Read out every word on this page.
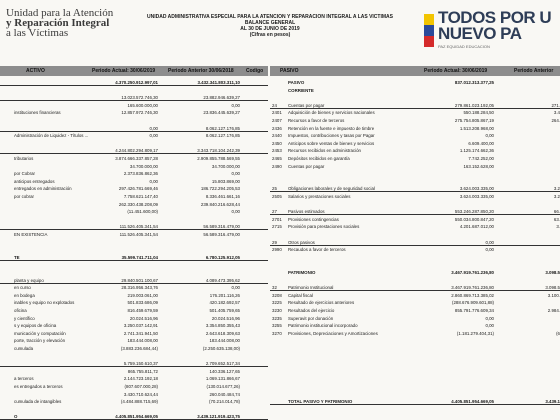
Unidad para la Atención
y Reparación Integral
a las Víctimas
UNIDAD ADMINISTRATIVA ESPECIAL PARA LA ATENCION Y REPARACION INTEGRAL A LAS VICTIMAS
BALANCE GENERAL
AL 30 DE JUNIO DE 2019
(Cifras en pesos)
TODOS POR U
NUEVO PA
PAZ EQUIDAD EDUCACION
ACTIVO	Periodo Actual: 30/06/2019	Periodo Anterior 30/06/2018 Codigo	PASIVO	Periodo Actual: 30/06/2019	Periodo Anterior
4.370.250.912.997,01	3.432.341.803.311,10
13.023.572.746,30	23.882.946.639,27
165.600.000,00	0,00
instituciones financieras	12.857.972.746,30	23.836.445.639,27
0,00	8.062.127.176,85
Administración de Liquidez - Títulos ...	0,00	8.062.127.176,85
4.244.802.294.809,17	3.343.718.104.242,39
tributarios	3.874.666.337.857,28	2.909.855.788.569,55
34.700.000,00	34.700.000,00
por Cobrar	2.373.836.862,36	0,00
anticipos entregados	0,00	15.803.869,00
entregados en administración	297.426.781.669,46	186.722.294.205,53
por cobrar	7.758.621.147,40	8.336.461.661,16
262.330.438.208,09	239.840.216.628,44
(11.451.600,00)	0,00
111.526.405.341,54	56.589.316.479,00
EN EXISTENCIA	111.526.405.341,54	56.589.316.479,00
TE	35.599.741.711,04	6.780.125.912,05
planta y equipo	29.840.501.100,67	4.089.473.395,62
en curso	28.316.956.343,76	0,00
en bodega	219.003.061,00	176.201.116,26
inables y equipo no explotados	501.833.686,09	420.182.692,57
oficina	816.459.679,59	501.405.759,65
y científico	20.024.516,96	20.024.516,96
s y equipos de oficina	3.250.037.142,91	3.354.850.355,43
municación y computación	2.741.341.941,50	2.643.618.309,63
porte, tracción y elevación	183.444.008,00	183.444.008,00
cumulada	(3.883.236.684,44)	(2.250.635.138,00)
5.759.150.610,37	2.709.652.517,34
865.755.811,72	140.336.127,65
a terceros	2.144.723.192,18	1.069.131.866,67
es entregados a terceros	(807.607.000,28)	(130.014.677,26)
3.430.710.624,44	260.040.484,74
cumulada de intangibles	(4.484.888.715,69)	(70.214.014,78)
O	4.405.851.954.669,05	3.439.121.919.423,75
PASIVO	837.012.313.377,25
CORRIENTE
24	Cuentas por pagar	279.861.023.192,05	271.
2401 Adquisición de bienes y servicios nacionales	550.188.284,50	3.4
2407 Recursos a favor de terceros	275.754.805.867,19	264.
2436 Retención en la fuente e impuesto de timbre	1.513.208.968,00
2440 Impuestos, contribuciones y tasas por Pagar	0,00
2450 Anticipos sobre ventas de bienes y servicios	6.609.400,00
2453 Recursos recibidos en administración	1.125.174.662,36
2465 Depósitos recibidos en garantía	7.742.252,00
2490 Cuentas por pagar	163.152.628,00
25	Obligaciones laborales y de seguridad social	3.624.003.335,00	3.2
2505 Salarios y prestaciones sociales	3.624.003.335,00	3.2
27	Pasivos estimados	553.246.287.850,20	66.
2701 Provisiones contingencias	550.034.800.847,20	63.
2715 Provisión para prestaciones sociales	4.201.687.012,00	3.
29	Otros pasivos	0,00
2990 Recaudos a favor de terceros	0,00
PATRIMONIO	3.467.919.761.236,80	3.098.5
32	Patrimonio Institucional	3.467.919.761.236,80	3.098.5
3208 Capital fiscal	2.860.869.713.385,02	3.100.
3225 Resultado de ejercicios anteriores	(288.676.909.601,88)
3230 Resultados del ejercicio	855.791.776.609,34	2.984.
3235 Superavit por donación	0,00
3255 Patrimonio institucional incorporado	0,00
3270 Provisiones, Depreciaciones y Amortizaciones	(1.181.279.404,31)	(6
TOTAL PASIVO Y PATRIMONIO	4.405.851.954.669,05	3.439.1
